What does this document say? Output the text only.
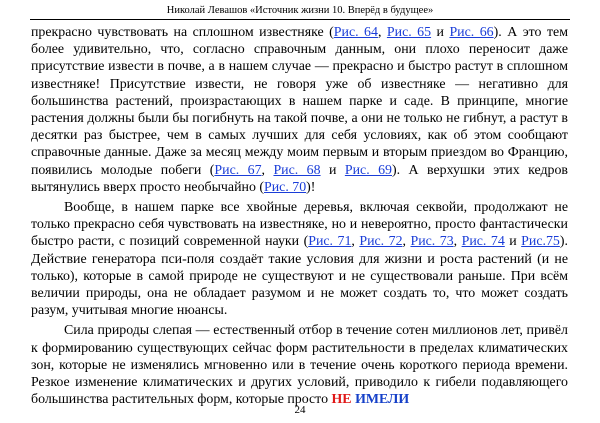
Николай Левашов «Источник жизни 10. Вперёд в будущее»

прекрасно чувствовать на сплошном известняке (Рис. 64, Рис. 65 и Рис. 66). А это тем более удивительно, что, согласно справочным данным, они плохо переносит даже присутствие извести в почве, а в нашем случае — прекрасно и быстро растут в сплошном известняке! Присутствие извести, не говоря уже об известняке — негативно для большинства растений, произрастающих в нашем парке и саде. В принципе, многие растения должны были бы погибнуть на такой почве, а они не только не гибнут, а растут в десятки раз быстрее, чем в самых лучших для себя условиях, как об этом сообщают справочные данные. Даже за месяц между моим первым и вторым приездом во Францию, появились молодые побеги (Рис. 67, Рис. 68 и Рис. 69). А верхушки этих кедров вытянулись вверх просто необычайно (Рис. 70)!

Вообще, в нашем парке все хвойные деревья, включая секвойи, продолжают не только прекрасно себя чувствовать на известняке, но и невероятно, просто фантастически быстро расти, с позиций современной науки (Рис. 71, Рис. 72, Рис. 73, Рис. 74 и Рис.75). Действие генератора пси-поля создаёт такие условия для жизни и роста растений (и не только), которые в самой природе не существуют и не существовали раньше. При всём величии природы, она не обладает разумом и не может создать то, что может создать разум, учитывая многие нюансы.

Сила природы слепая — естественный отбор в течение сотен миллионов лет, привёл к формированию существующих сейчас форм растительности в пределах климатических зон, которые не изменялись мгновенно или в течение очень короткого периода времени. Резкое изменение климатических и других условий, приводило к гибели подавляющего большинства растительных форм, которые просто НЕ ИМЕЛИ

24
